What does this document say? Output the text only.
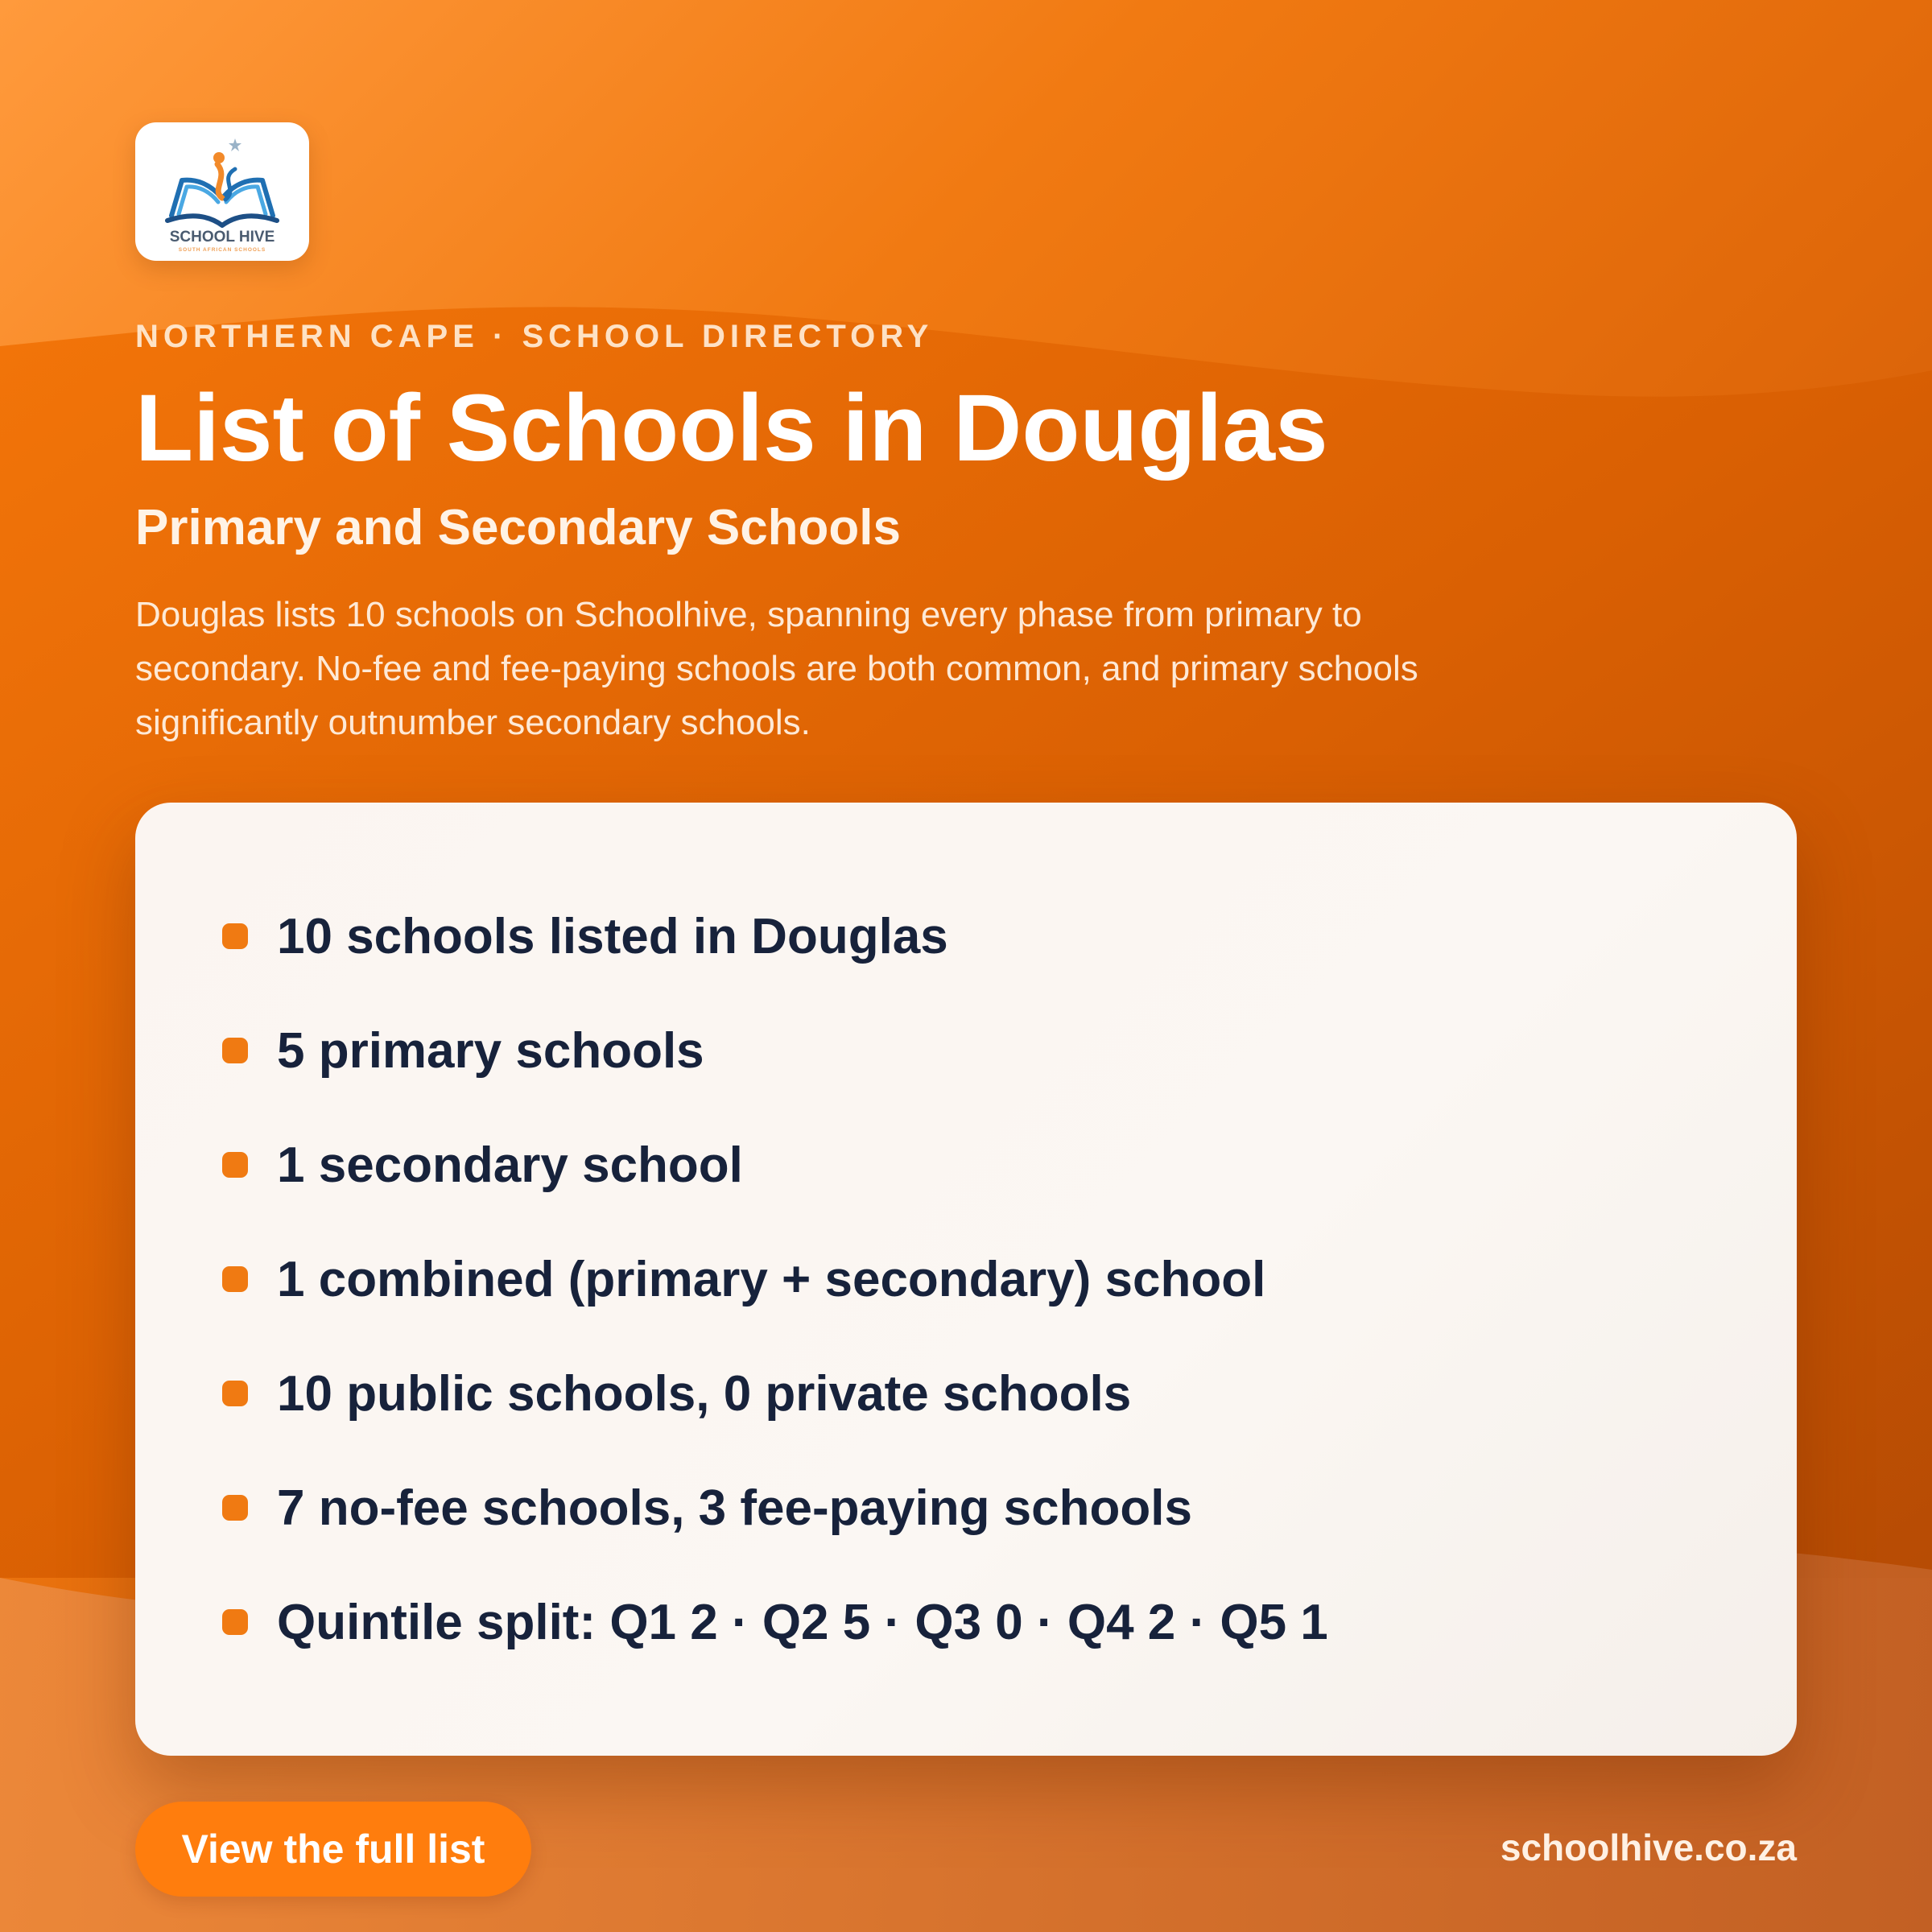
SCHOOL HIVE
SOUTH AFRICAN SCHOOLS
NORTHERN CAPE · SCHOOL DIRECTORY
List of Schools in Douglas
Primary and Secondary Schools

Douglas lists 10 schools on Schoolhive, spanning every phase from primary to secondary. No-fee and fee-paying schools are both common, and primary schools significantly outnumber secondary schools.

10 schools listed in Douglas
5 primary schools
1 secondary school
1 combined (primary + secondary) school
10 public schools, 0 private schools
7 no-fee schools, 3 fee-paying schools
Quintile split: Q1 2 · Q2 5 · Q3 0 · Q4 2 · Q5 1
View the full list	schoolhive.co.za
